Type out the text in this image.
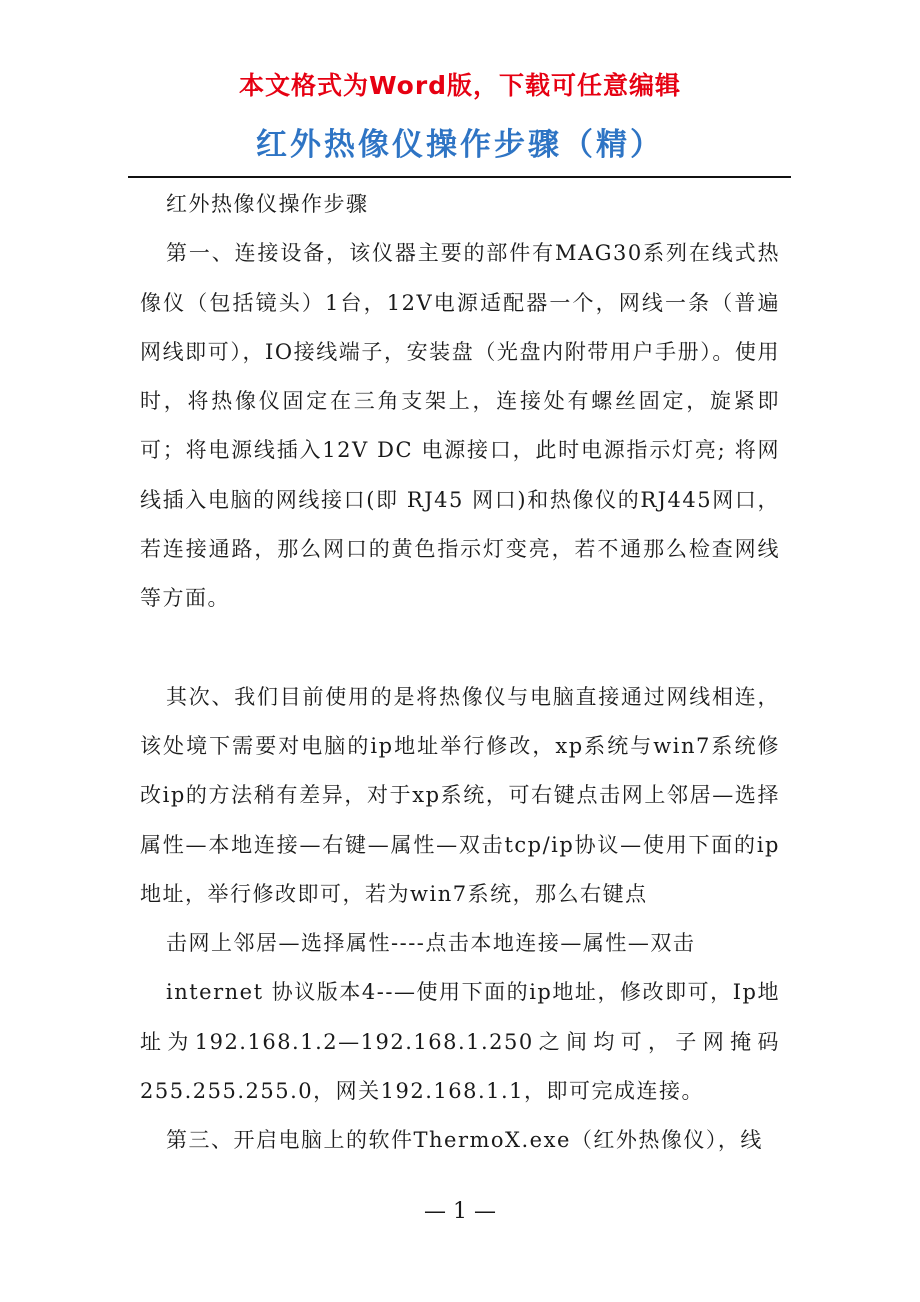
本文格式为Word版，下载可任意编辑
红外热像仪操作步骤（精）

红外热像仪操作步骤

第一、连接设备，该仪器主要的部件有MAG30系列在线式热像仪（包括镜头）1台，12V电源适配器一个，网线一条（普遍网线即可），IO接线端子，安装盘（光盘内附带用户手册）。使用时，将热像仪固定在三角支架上，连接处有螺丝固定，旋紧即可；将电源线插入12V DC 电源接口，此时电源指示灯亮; 将网线插入电脑的网线接口(即 RJ45 网口)和热像仪的RJ445网口，若连接通路，那么网口的黄色指示灯变亮，若不通那么检查网线等方面。

其次、我们目前使用的是将热像仪与电脑直接通过网线相连，该处境下需要对电脑的ip地址举行修改，xp系统与win7系统修改ip的方法稍有差异，对于xp系统，可右键点击网上邻居—选择属性—本地连接—右键—属性—双击tcp/ip协议—使用下面的ip地址，举行修改即可，若为win7系统，那么右键点

击网上邻居—选择属性----点击本地连接—属性—双击

internet 协议版本4--—使用下面的ip地址，修改即可，Ip地址为192.168.1.2—192.168.1.250之间均可，子网掩码255.255.255.0，网关192.168.1.1，即可完成连接。

第三、开启电脑上的软件ThermoX.exe（红外热像仪），线

— 1 —
